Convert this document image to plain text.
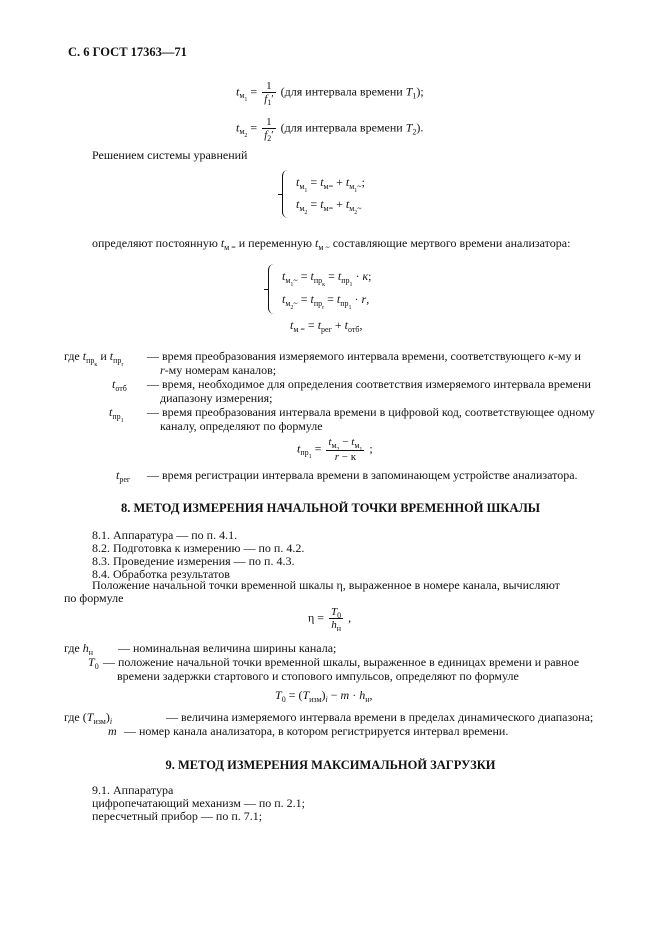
С. 6 ГОСТ 17363—71
$t_{м_1} = \frac{1}{f_1'} (для$ интервала времени $T_1$);
$t_{м_2} = \frac{1}{f_2'} (для$ интервала времени $T_2$).
Решением системы уравнений
$t_{м_1} = t_{м=} + t_{м_1\sim}$;
$t_{м_2} = t_{м=} + t_{м_2\sim}$
определяют постоянную $t_{м =}$ и переменную $t_{м \sim}$ составляющие мертвого времени анализатора:
$t_{м_1\sim} = t_{пр_к} = t_{пр_1} \cdot к$;
$t_{м_2\sim} = t_{пр_r} = t_{пр_1} \cdot r$,
$t_{м =} = t_{рег} + t_{отб}$,
где $t_{пр_к}$ и $t_{пр_r}$
— время преобразования измеряемого интервала времени, соответствующего к-му и
r-му номерам каналов;
$t_{отб}$ — время, необходимое для определения соответствия измеряемого интервала времени
диапазону измерения;
$t_{пр_1}$
— время преобразования интервала времени в цифровой код, соответствующее одному
каналу, определяют по формуле
$t_{пр_1} = \frac{t_{м_2} - t_{м_1}}{r - к}$ ;
$t_{рег}$ — время регистрации интервала времени в запоминающем устройстве анализатора.
8. МЕТОД ИЗМЕРЕНИЯ НАЧАЛЬНОЙ ТОЧКИ ВРЕМЕННОЙ ШКАЛЫ
8.1. Аппаратура — по п. 4.1.
8.2. Подготовка к измерению — по п. 4.2.
8.3. Проведение измерения — по п. 4.3.
8.4. Обработка результатов
Положение начальной точки временной шкалы η, выраженное в номере канала, вычисляют
по формуле
$\eta = \frac{T_0}{h_н}$ ,
где $h_н$ — номинальная величина ширины канала;
$T_0$ — положение начальной точки временной шкалы, выраженное в единицах времени и равное
времени задержки стартового и стопового импульсов, определяют по формуле
$T_0 = (T_{изм})_i - m \cdot h_н$,
где $(T_{изм})_i$	— величина измеряемого интервала времени в пределах динамического диапазона;
m — номер канала анализатора, в котором регистрируется интервал времени.
9. МЕТОД ИЗМЕРЕНИЯ МАКСИМАЛЬНОЙ ЗАГРУЗКИ
9.1. Аппаратура
цифропечатающий механизм — по п. 2.1;
пересчетный прибор — по п. 7.1;
